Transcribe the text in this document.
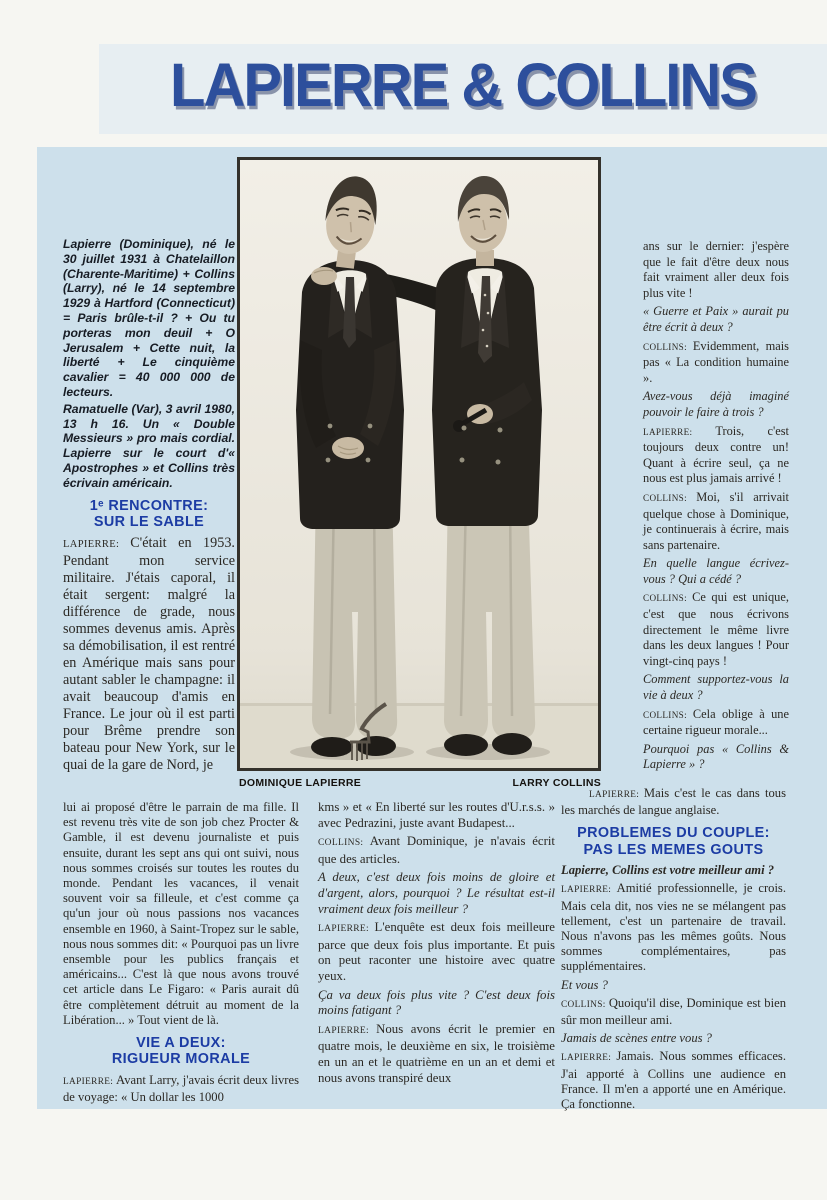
LAPIERRE & COLLINS
DOMINIQUE LAPIERRE	LARRY COLLINS
Lapierre (Dominique), né le 30 juillet 1931 à Chatelaillon (Charente-Maritime) + Collins (Larry), né le 14 septembre 1929 à Hartford (Connecticut) = Paris brûle-t-il ? + Ou tu porteras mon deuil + O Jerusalem + Cette nuit, la liberté + Le cinquième cavalier = 40 000 000 de lecteurs.
Ramatuelle (Var), 3 avril 1980, 13 h 16. Un « Double Messieurs » pro mais cordial. Lapierre sur le court d'« Apostrophes » et Collins très écrivain américain.
1ᵉ RENCONTRE:
SUR LE SABLE
LAPIERRE: C'était en 1953. Pendant mon service militaire. J'étais caporal, il était sergent: malgré la différence de grade, nous sommes devenus amis. Après sa démobilisation, il est rentré en Amérique mais sans pour autant sabler le champagne: il avait beaucoup d'amis en France. Le jour où il est parti pour Brême prendre son bateau pour New York, sur le quai de la gare de Nord, je
lui ai proposé d'être le parrain de ma fille. Il est revenu très vite de son job chez Procter & Gamble, il est devenu journaliste et puis ensuite, durant les sept ans qui ont suivi, nous nous sommes croisés sur toutes les routes du monde. Pendant les vacances, il venait souvent voir sa filleule, et c'est comme ça qu'un jour où nous passions nos vacances ensemble en 1960, à Saint-Tropez sur le sable, nous nous sommes dit: « Pourquoi pas un livre ensemble pour les publics français et américains... C'est là que nous avons trouvé cet article dans Le Figaro: « Paris aurait dû être complètement détruit au moment de la Libération... » Tout vient de là.
VIE A DEUX:
RIGUEUR MORALE
LAPIERRE: Avant Larry, j'avais écrit deux livres de voyage: « Un dollar les 1000
kms » et « En liberté sur les routes d'U.r.s.s. » avec Pedrazini, juste avant Budapest...
COLLINS: Avant Dominique, je n'avais écrit que des articles.
A deux, c'est deux fois moins de gloire et d'argent, alors, pourquoi ? Le résultat est-il vraiment deux fois meilleur ?
LAPIERRE: L'enquête est deux fois meilleure parce que deux fois plus importante. Et puis on peut raconter une histoire avec quatre yeux.
Ça va deux fois plus vite ? C'est deux fois moins fatigant ?
LAPIERRE: Nous avons écrit le premier en quatre mois, le deuxième en six, le troisième en un an et le quatrième en un an et demi et nous avons transpiré deux
ans sur le dernier: j'espère que le fait d'être deux nous fait vraiment aller deux fois plus vite !
« Guerre et Paix » aurait pu être écrit à deux ?
COLLINS: Evidemment, mais pas « La condition humaine ».
Avez-vous déjà imaginé pouvoir le faire à trois ?
LAPIERRE: Trois, c'est toujours deux contre un! Quant à écrire seul, ça ne nous est plus jamais arrivé !
COLLINS: Moi, s'il arrivait quelque chose à Dominique, je continuerais à écrire, mais sans partenaire.
En quelle langue écrivez-vous ? Qui a cédé ?
COLLINS: Ce qui est unique, c'est que nous écrivons directement le même livre dans les deux langues ! Pour vingt-cinq pays !
Comment supportez-vous la vie à deux ?
COLLINS: Cela oblige à une certaine rigueur morale...
Pourquoi pas « Collins & Lapierre » ?
LAPIERRE: Mais c'est le cas dans tous les marchés de langue anglaise.
PROBLEMES DU COUPLE:
PAS LES MEMES GOUTS
Lapierre, Collins est votre meilleur ami ?
LAPIERRE: Amitié professionnelle, je crois. Mais cela dit, nos vies ne se mélangent pas tellement, c'est un partenaire de travail. Nous n'avons pas les mêmes goûts. Nous sommes complémentaires, pas supplémentaires.
Et vous ?
COLLINS: Quoiqu'il dise, Dominique est bien sûr mon meilleur ami.
Jamais de scènes entre vous ?
LAPIERRE: Jamais. Nous sommes efficaces. J'ai apporté à Collins une audience en France. Il m'en a apporté une en Amérique. Ça fonctionne.
